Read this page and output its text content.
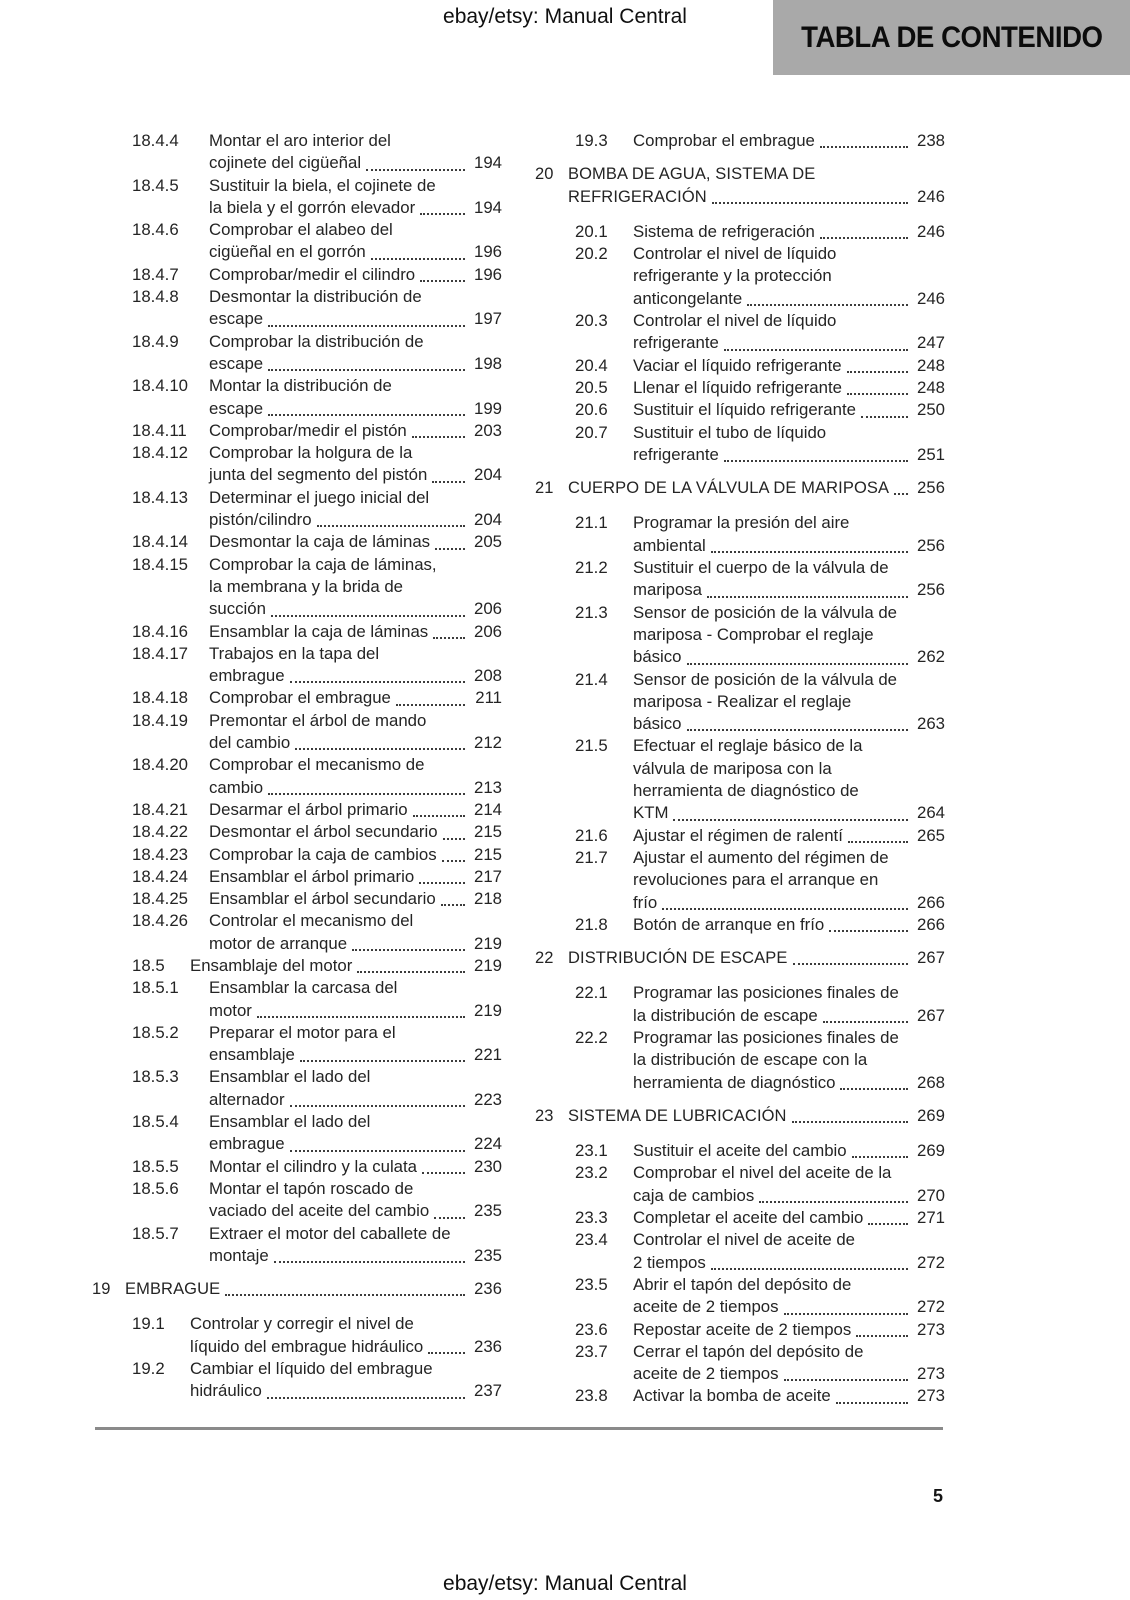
ebay/etsy: Manual Central
TABLA DE CONTENIDO
18.4.4	Montar el aro interior del
cojinete del cigüeñal	194
18.4.5	Sustituir la biela, el cojinete de
la biela y el gorrón elevador	194
18.4.6	Comprobar el alabeo del
cigüeñal en el gorrón	196
18.4.7	Comprobar/medir el cilindro	196
18.4.8	Desmontar la distribución de
escape	197
18.4.9	Comprobar la distribución de
escape	198
18.4.10	Montar la distribución de
escape	199
18.4.11	Comprobar/medir el pistón	203
18.4.12	Comprobar la holgura de la
junta del segmento del pistón	204
18.4.13	Determinar el juego inicial del
pistón/cilindro	204
18.4.14	Desmontar la caja de láminas	205
18.4.15	Comprobar la caja de láminas,
la membrana y la brida de
succión	206
18.4.16	Ensamblar la caja de láminas	206
18.4.17	Trabajos en la tapa del
embrague	208
18.4.18	Comprobar el embrague	211
18.4.19	Premontar el árbol de mando
del cambio	212
18.4.20	Comprobar el mecanismo de
cambio	213
18.4.21	Desarmar el árbol primario	214
18.4.22	Desmontar el árbol secundario	215
18.4.23	Comprobar la caja de cambios	215
18.4.24	Ensamblar el árbol primario	217
18.4.25	Ensamblar el árbol secundario	218
18.4.26	Controlar el mecanismo del
motor de arranque	219
18.5	Ensamblaje del motor	219
18.5.1	Ensamblar la carcasa del
motor	219
18.5.2	Preparar el motor para el
ensamblaje	221
18.5.3	Ensamblar el lado del
alternador	223
18.5.4	Ensamblar el lado del
embrague	224
18.5.5	Montar el cilindro y la culata	230
18.5.6	Montar el tapón roscado de
vaciado del aceite del cambio	235
18.5.7	Extraer el motor del caballete de
montaje	235
19 EMBRAGUE	236
19.1	Controlar y corregir el nivel de
líquido del embrague hidráulico	236
19.2	Cambiar el líquido del embrague
hidráulico	237
19.3	Comprobar el embrague	238
20 BOMBA DE AGUA, SISTEMA DE
REFRIGERACIÓN	246
20.1	Sistema de refrigeración	246
20.2	Controlar el nivel de líquido
refrigerante y la protección
anticongelante	246
20.3	Controlar el nivel de líquido
refrigerante	247
20.4	Vaciar el líquido refrigerante	248
20.5	Llenar el líquido refrigerante	248
20.6	Sustituir el líquido refrigerante	250
20.7	Sustituir el tubo de líquido
refrigerante	251
21 CUERPO DE LA VÁLVULA DE MARIPOSA	256
21.1	Programar la presión del aire
ambiental	256
21.2	Sustituir el cuerpo de la válvula de
mariposa	256
21.3	Sensor de posición de la válvula de
mariposa - Comprobar el reglaje
básico	262
21.4	Sensor de posición de la válvula de
mariposa - Realizar el reglaje
básico	263
21.5	Efectuar el reglaje básico de la
válvula de mariposa con la
herramienta de diagnóstico de
KTM	264
21.6	Ajustar el régimen de ralentí	265
21.7	Ajustar el aumento del régimen de
revoluciones para el arranque en
frío	266
21.8	Botón de arranque en frío	266
22 DISTRIBUCIÓN DE ESCAPE	267
22.1	Programar las posiciones finales de
la distribución de escape	267
22.2	Programar las posiciones finales de
la distribución de escape con la
herramienta de diagnóstico	268
23 SISTEMA DE LUBRICACIÓN	269
23.1	Sustituir el aceite del cambio	269
23.2	Comprobar el nivel del aceite de la
caja de cambios	270
23.3	Completar el aceite del cambio	271
23.4	Controlar el nivel de aceite de
2 tiempos	272
23.5	Abrir el tapón del depósito de
aceite de 2 tiempos	272
23.6	Repostar aceite de 2 tiempos	273
23.7	Cerrar el tapón del depósito de
aceite de 2 tiempos	273
23.8	Activar la bomba de aceite	273
5
ebay/etsy: Manual Central
